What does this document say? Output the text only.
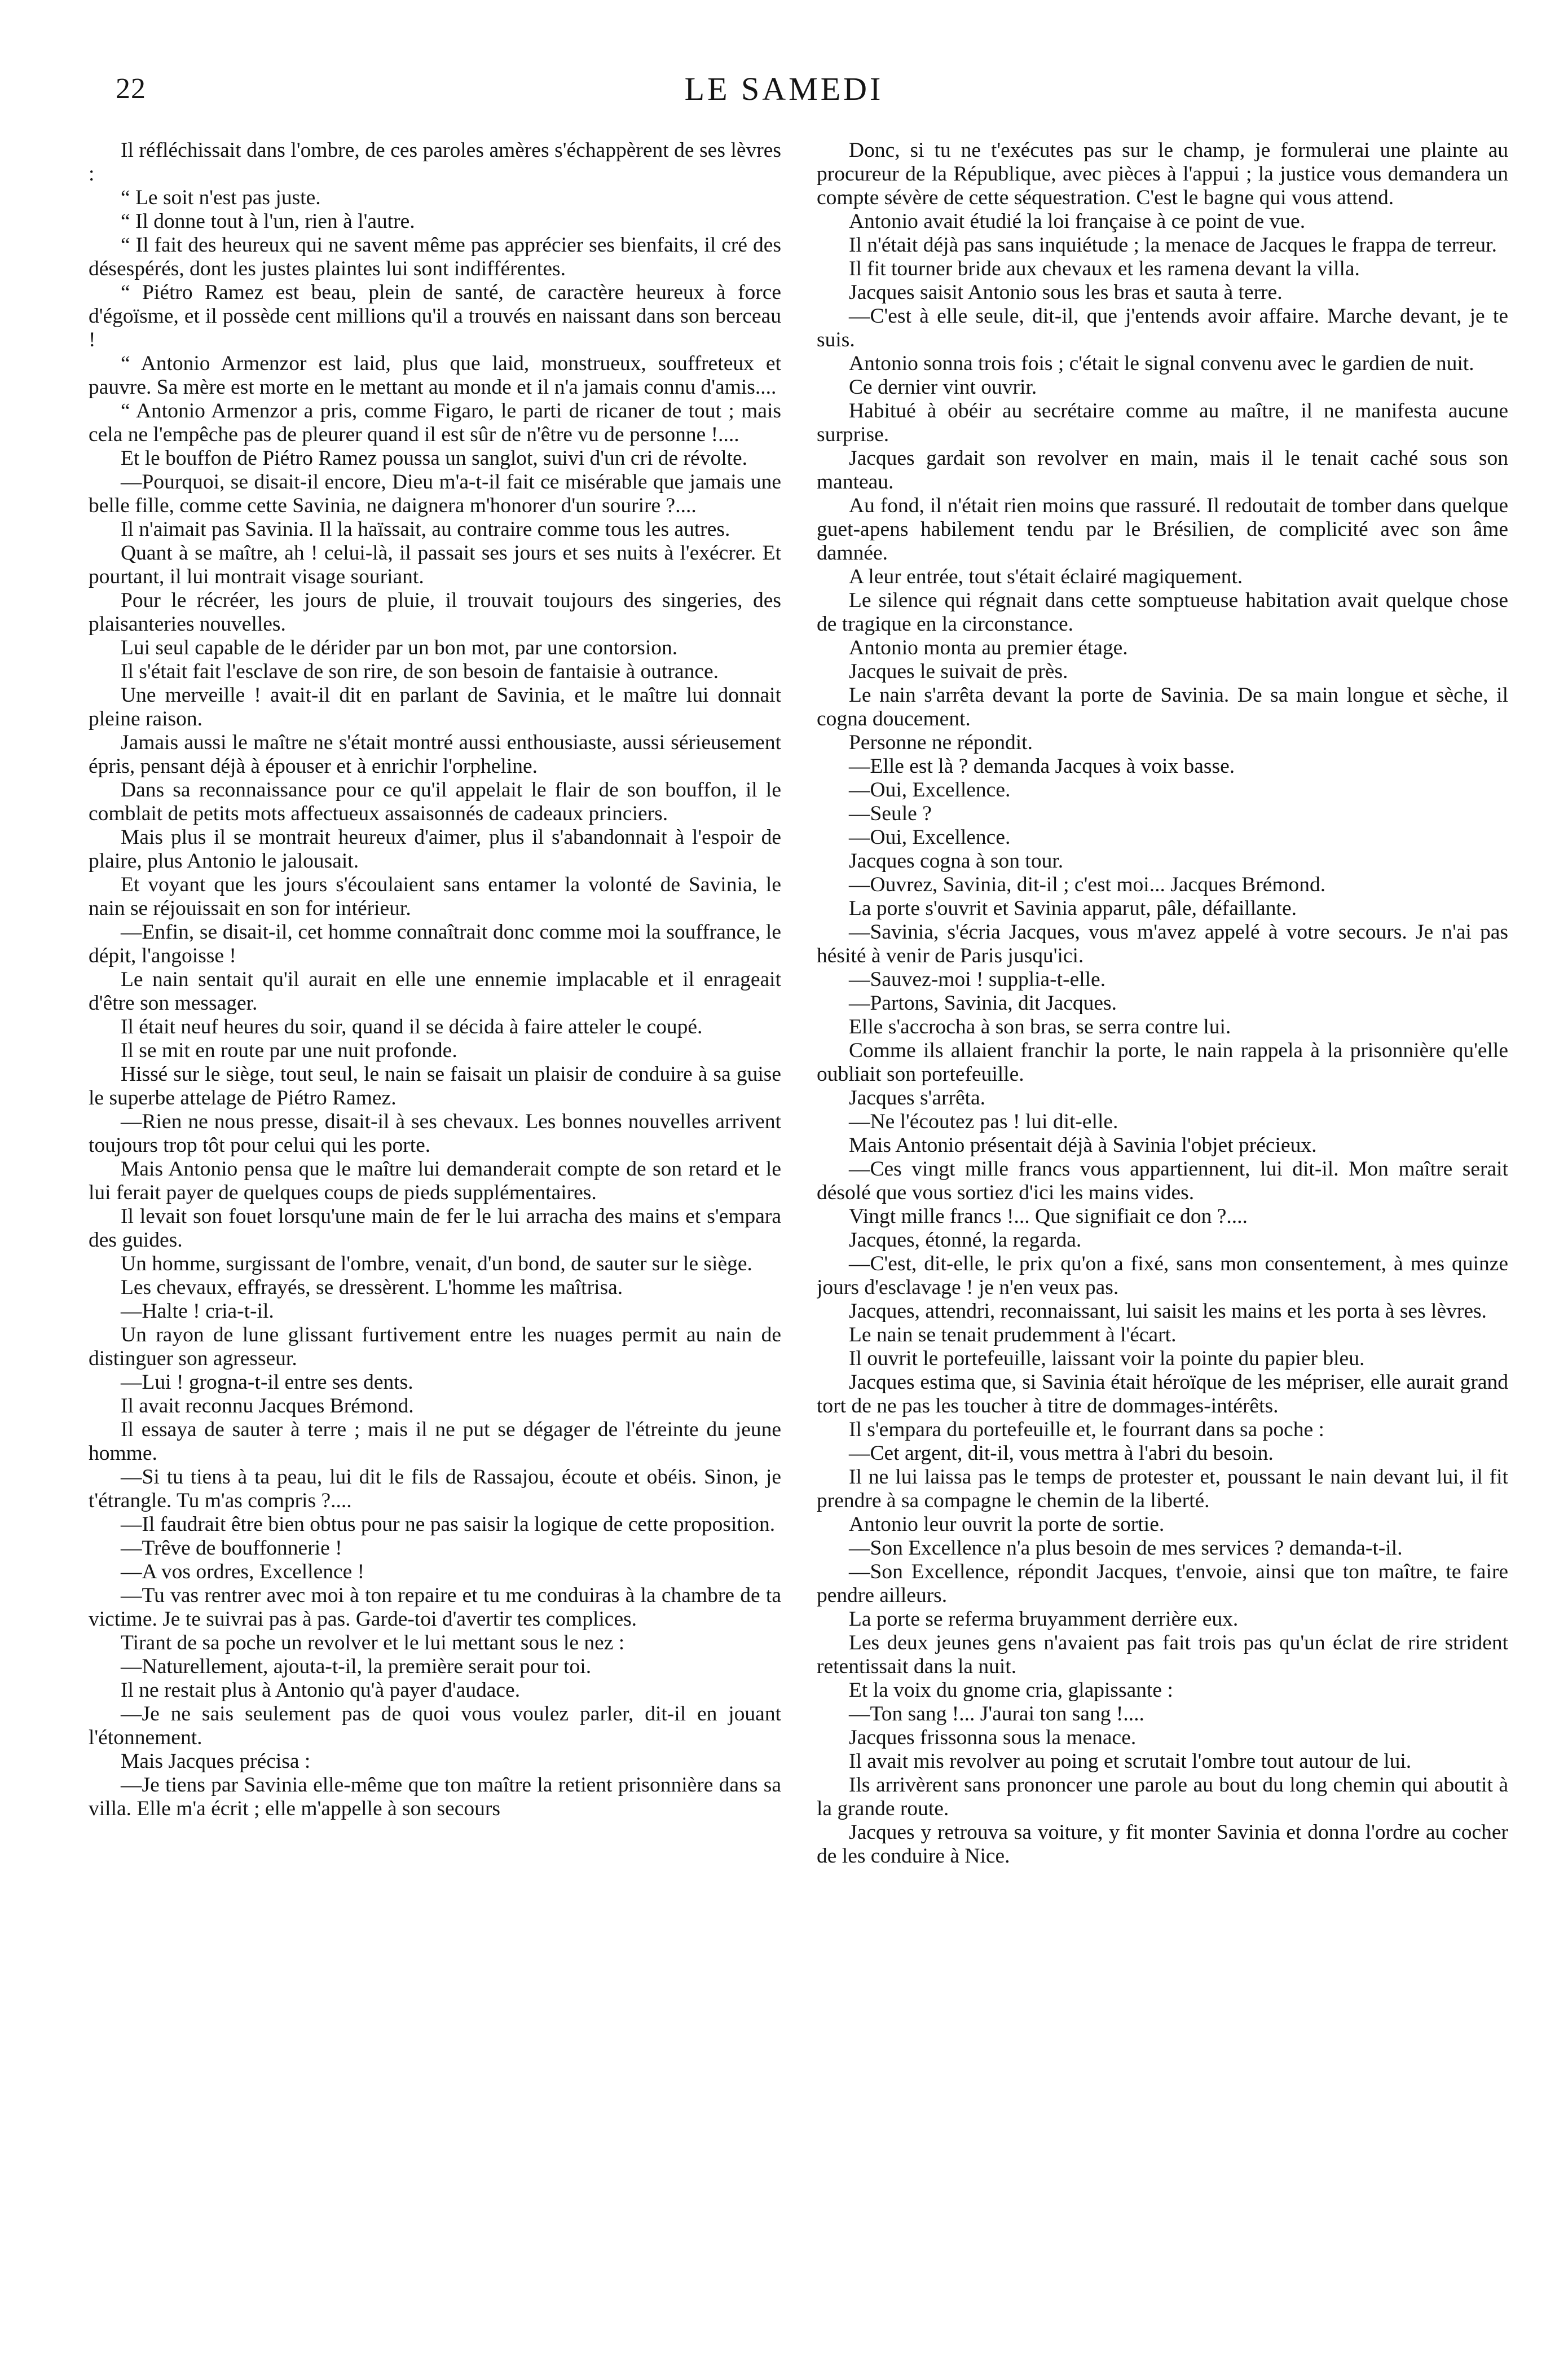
22	LE SAMEDI

Il réfléchissait dans l'ombre, de ces paroles amères s'échappèrent de ses lèvres :

“ Le soit n'est pas juste.

“ Il donne tout à l'un, rien à l'autre.

“ Il fait des heureux qui ne savent même pas apprécier ses bienfaits, il cré des désespérés, dont les justes plaintes lui sont indifférentes.

“ Piétro Ramez est beau, plein de santé, de caractère heureux à force d'égoïsme, et il possède cent millions qu'il a trouvés en naissant dans son berceau !

“ Antonio Armenzor est laid, plus que laid, monstrueux, souffreteux et pauvre. Sa mère est morte en le mettant au monde et il n'a jamais connu d'amis....

“ Antonio Armenzor a pris, comme Figaro, le parti de ricaner de tout ; mais cela ne l'empêche pas de pleurer quand il est sûr de n'être vu de personne !....

Et le bouffon de Piétro Ramez poussa un sanglot, suivi d'un cri de révolte.

—Pourquoi, se disait-il encore, Dieu m'a-t-il fait ce misérable que jamais une belle fille, comme cette Savinia, ne daignera m'honorer d'un sourire ?....

Il n'aimait pas Savinia. Il la haïssait, au contraire comme tous les autres.

Quant à se maître, ah ! celui-là, il passait ses jours et ses nuits à l'exécrer. Et pourtant, il lui montrait visage souriant.

Pour le récréer, les jours de pluie, il trouvait toujours des singeries, des plaisanteries nouvelles.

Lui seul capable de le dérider par un bon mot, par une contorsion.

Il s'était fait l'esclave de son rire, de son besoin de fantaisie à outrance.

Une merveille ! avait-il dit en parlant de Savinia, et le maître lui donnait pleine raison.

Jamais aussi le maître ne s'était montré aussi enthousiaste, aussi sérieusement épris, pensant déjà à épouser et à enrichir l'orpheline.

Dans sa reconnaissance pour ce qu'il appelait le flair de son bouffon, il le comblait de petits mots affectueux assaisonnés de cadeaux princiers.

Mais plus il se montrait heureux d'aimer, plus il s'abandonnait à l'espoir de plaire, plus Antonio le jalousait.

Et voyant que les jours s'écoulaient sans entamer la volonté de Savinia, le nain se réjouissait en son for intérieur.

—Enfin, se disait-il, cet homme connaîtrait donc comme moi la souffrance, le dépit, l'angoisse !

Le nain sentait qu'il aurait en elle une ennemie implacable et il enrageait d'être son messager.

Il était neuf heures du soir, quand il se décida à faire atteler le coupé.

Il se mit en route par une nuit profonde.

Hissé sur le siège, tout seul, le nain se faisait un plaisir de conduire à sa guise le superbe attelage de Piétro Ramez.

—Rien ne nous presse, disait-il à ses chevaux. Les bonnes nouvelles arrivent toujours trop tôt pour celui qui les porte.

Mais Antonio pensa que le maître lui demanderait compte de son retard et le lui ferait payer de quelques coups de pieds supplémentaires.

Il levait son fouet lorsqu'une main de fer le lui arracha des mains et s'empara des guides.

Un homme, surgissant de l'ombre, venait, d'un bond, de sauter sur le siège.

Les chevaux, effrayés, se dressèrent. L'homme les maîtrisa.

—Halte ! cria-t-il.

Un rayon de lune glissant furtivement entre les nuages permit au nain de distinguer son agresseur.

—Lui ! grogna-t-il entre ses dents.

Il avait reconnu Jacques Brémond.

Il essaya de sauter à terre ; mais il ne put se dégager de l'étreinte du jeune homme.

—Si tu tiens à ta peau, lui dit le fils de Rassajou, écoute et obéis. Sinon, je t'étrangle. Tu m'as compris ?....

—Il faudrait être bien obtus pour ne pas saisir la logique de cette proposition.

—Trêve de bouffonnerie !

—A vos ordres, Excellence !

—Tu vas rentrer avec moi à ton repaire et tu me conduiras à la chambre de ta victime. Je te suivrai pas à pas. Garde-toi d'avertir tes complices.

Tirant de sa poche un revolver et le lui mettant sous le nez :

—Naturellement, ajouta-t-il, la première serait pour toi.

Il ne restait plus à Antonio qu'à payer d'audace.

—Je ne sais seulement pas de quoi vous voulez parler, dit-il en jouant l'étonnement.

Mais Jacques précisa :

—Je tiens par Savinia elle-même que ton maître la retient prisonnière dans sa villa. Elle m'a écrit ; elle m'appelle à son secours

Donc, si tu ne t'exécutes pas sur le champ, je formulerai une plainte au procureur de la République, avec pièces à l'appui ; la justice vous demandera un compte sévère de cette séquestration. C'est le bagne qui vous attend.

Antonio avait étudié la loi française à ce point de vue.

Il n'était déjà pas sans inquiétude ; la menace de Jacques le frappa de terreur.

Il fit tourner bride aux chevaux et les ramena devant la villa.

Jacques saisit Antonio sous les bras et sauta à terre.

—C'est à elle seule, dit-il, que j'entends avoir affaire. Marche devant, je te suis.

Antonio sonna trois fois ; c'était le signal convenu avec le gardien de nuit.

Ce dernier vint ouvrir.

Habitué à obéir au secrétaire comme au maître, il ne manifesta aucune surprise.

Jacques gardait son revolver en main, mais il le tenait caché sous son manteau.

Au fond, il n'était rien moins que rassuré. Il redoutait de tomber dans quelque guet-apens habilement tendu par le Brésilien, de complicité avec son âme damnée.

A leur entrée, tout s'était éclairé magiquement.

Le silence qui régnait dans cette somptueuse habitation avait quelque chose de tragique en la circonstance.

Antonio monta au premier étage.

Jacques le suivait de près.

Le nain s'arrêta devant la porte de Savinia. De sa main longue et sèche, il cogna doucement.

Personne ne répondit.

—Elle est là ? demanda Jacques à voix basse.

—Oui, Excellence.

—Seule ?

—Oui, Excellence.

Jacques cogna à son tour.

—Ouvrez, Savinia, dit-il ; c'est moi... Jacques Brémond.

La porte s'ouvrit et Savinia apparut, pâle, défaillante.

—Savinia, s'écria Jacques, vous m'avez appelé à votre secours. Je n'ai pas hésité à venir de Paris jusqu'ici.

—Sauvez-moi ! supplia-t-elle.

—Partons, Savinia, dit Jacques.

Elle s'accrocha à son bras, se serra contre lui.

Comme ils allaient franchir la porte, le nain rappela à la prisonnière qu'elle oubliait son portefeuille.

Jacques s'arrêta.

—Ne l'écoutez pas ! lui dit-elle.

Mais Antonio présentait déjà à Savinia l'objet précieux.

—Ces vingt mille francs vous appartiennent, lui dit-il. Mon maître serait désolé que vous sortiez d'ici les mains vides.

Vingt mille francs !... Que signifiait ce don ?....

Jacques, étonné, la regarda.

—C'est, dit-elle, le prix qu'on a fixé, sans mon consentement, à mes quinze jours d'esclavage ! je n'en veux pas.

Jacques, attendri, reconnaissant, lui saisit les mains et les porta à ses lèvres.

Le nain se tenait prudemment à l'écart.

Il ouvrit le portefeuille, laissant voir la pointe du papier bleu.

Jacques estima que, si Savinia était héroïque de les mépriser, elle aurait grand tort de ne pas les toucher à titre de dommages-intérêts.

Il s'empara du portefeuille et, le fourrant dans sa poche :

—Cet argent, dit-il, vous mettra à l'abri du besoin.

Il ne lui laissa pas le temps de protester et, poussant le nain devant lui, il fit prendre à sa compagne le chemin de la liberté.

Antonio leur ouvrit la porte de sortie.

—Son Excellence n'a plus besoin de mes services ? demanda-t-il.

—Son Excellence, répondit Jacques, t'envoie, ainsi que ton maître, te faire pendre ailleurs.

La porte se referma bruyamment derrière eux.

Les deux jeunes gens n'avaient pas fait trois pas qu'un éclat de rire strident retentissait dans la nuit.

Et la voix du gnome cria, glapissante :

—Ton sang !... J'aurai ton sang !....

Jacques frissonna sous la menace.

Il avait mis revolver au poing et scrutait l'ombre tout autour de lui.

Ils arrivèrent sans prononcer une parole au bout du long chemin qui aboutit à la grande route.

Jacques y retrouva sa voiture, y fit monter Savinia et donna l'ordre au cocher de les conduire à Nice.
